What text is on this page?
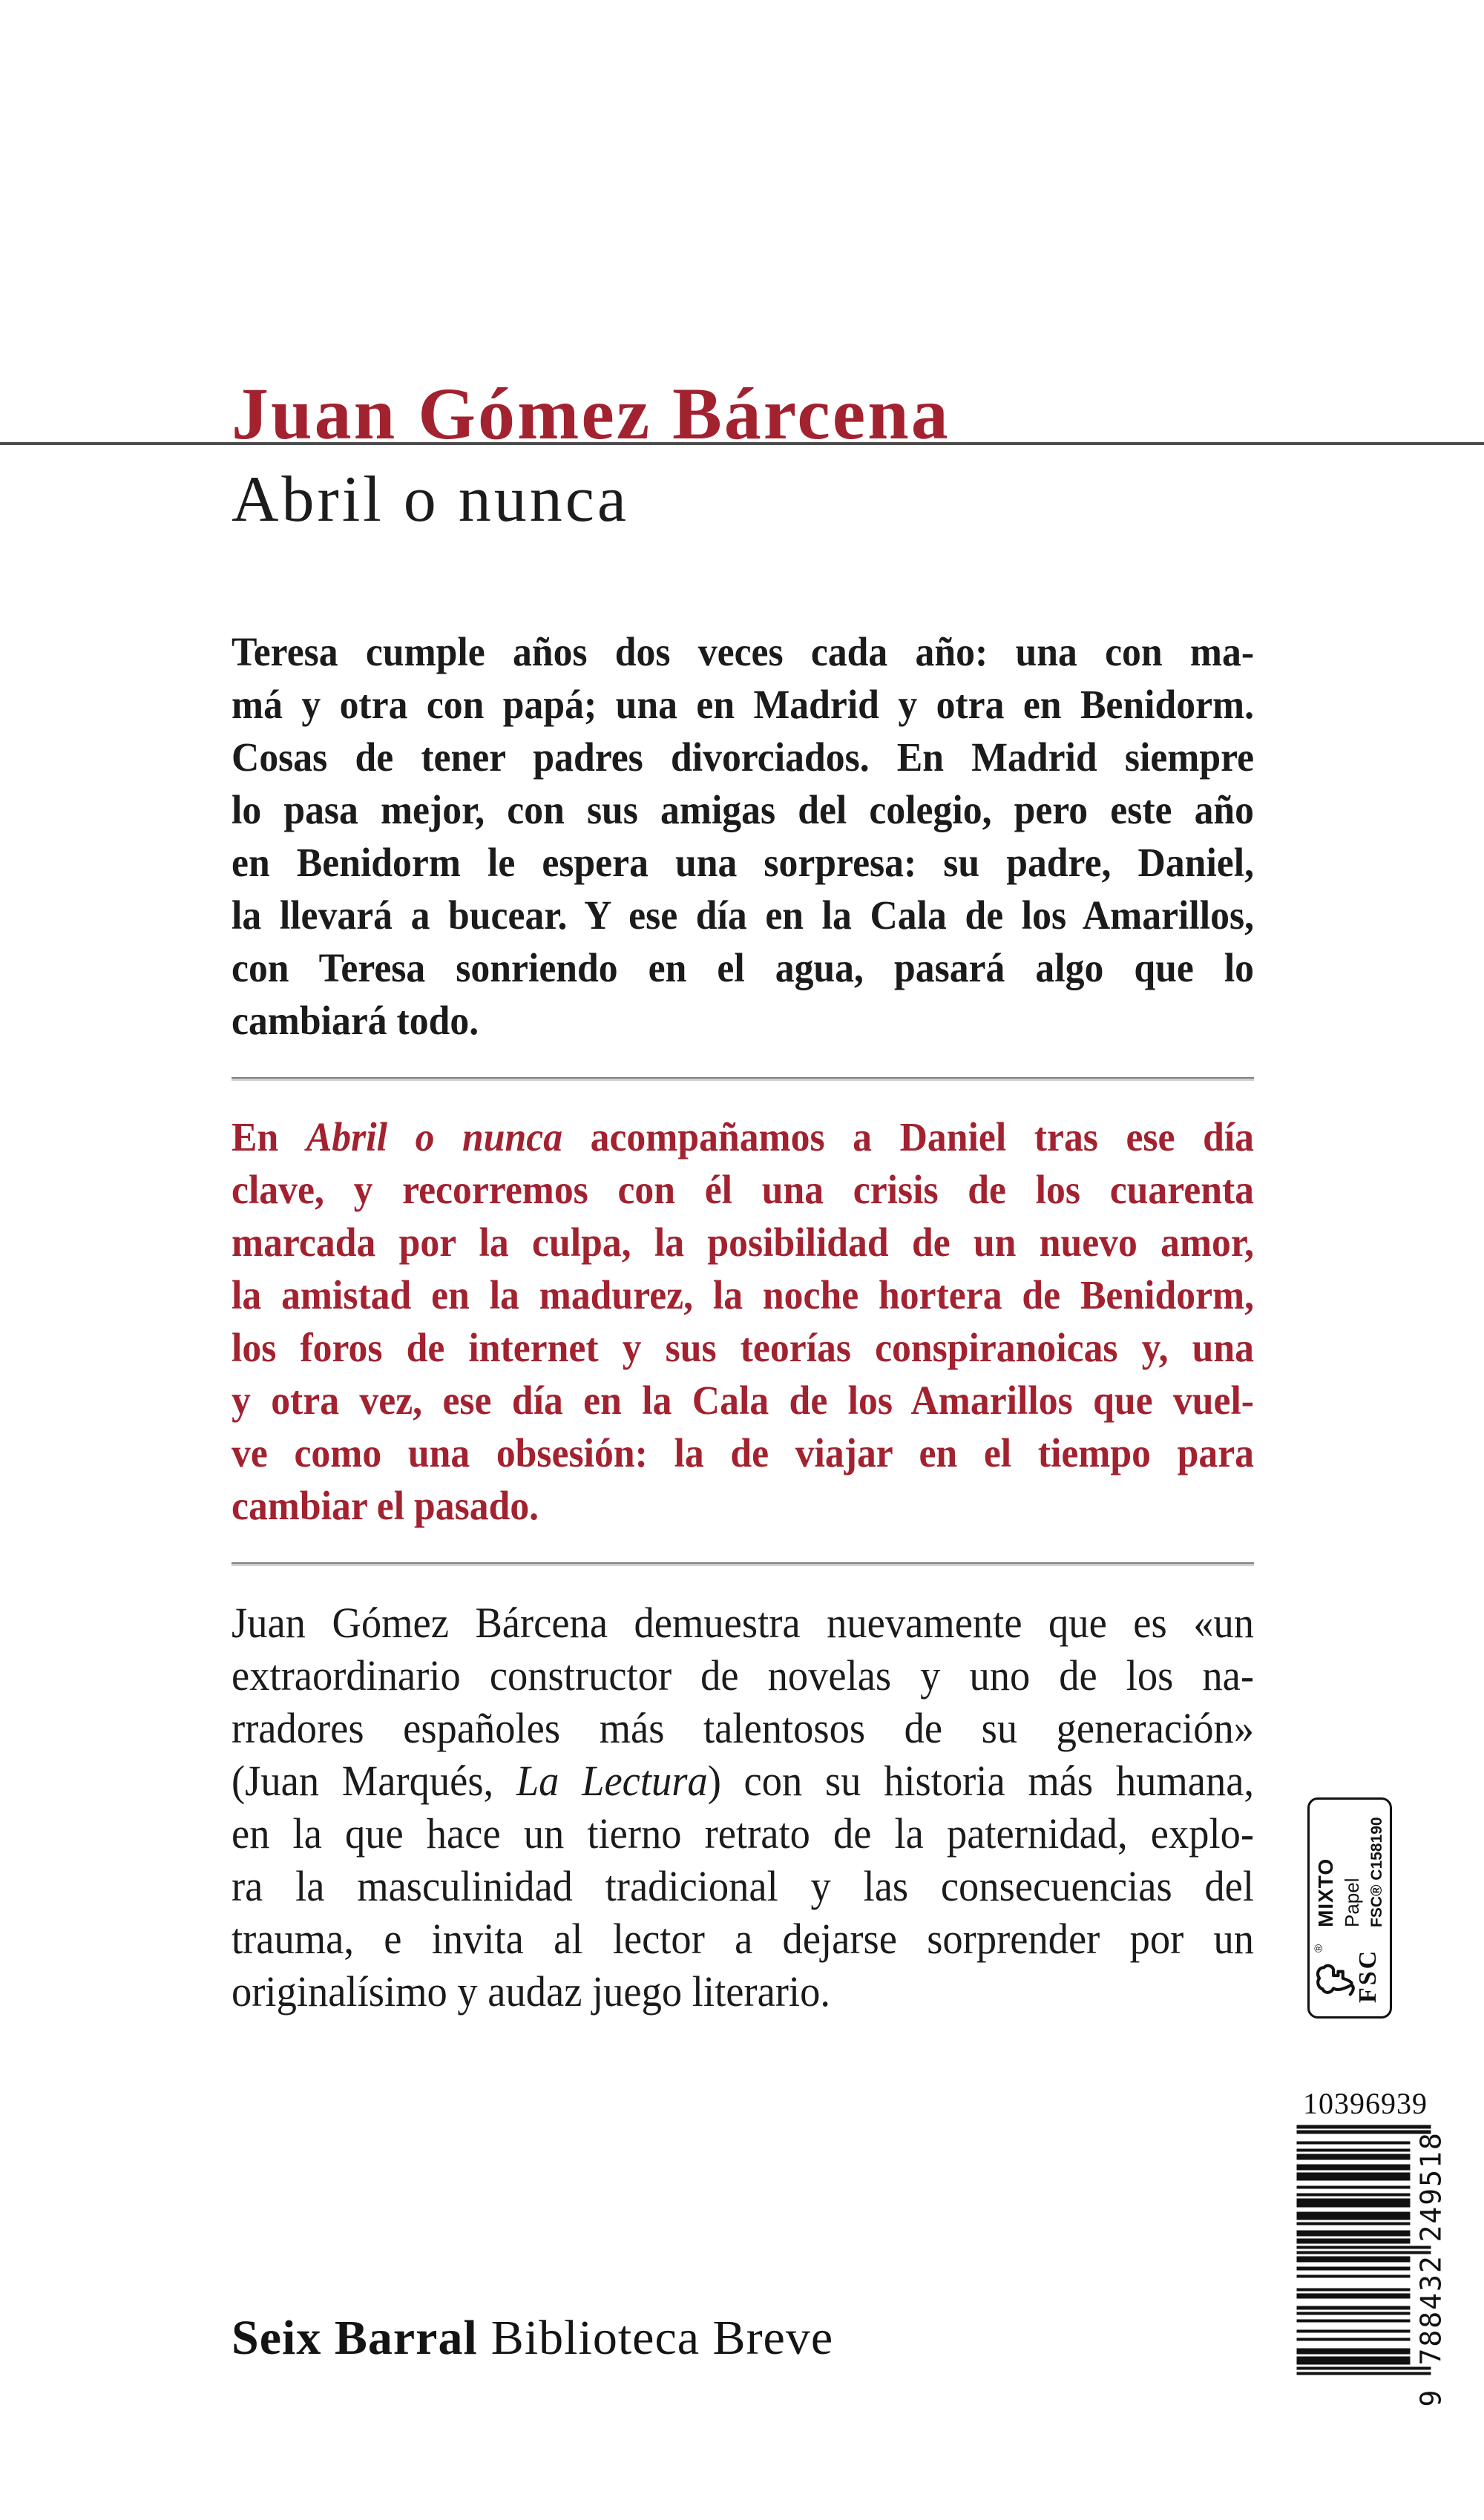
Juan Gómez Bárcena
Abril o nunca
Teresa cumple años dos veces cada año: una con ma-
má y otra con papá; una en Madrid y otra en Benidorm.
Cosas de tener padres divorciados. En Madrid siempre
lo pasa mejor, con sus amigas del colegio, pero este año
en Benidorm le espera una sorpresa: su padre, Daniel,
la llevará a bucear. Y ese día en la Cala de los Amarillos,
con Teresa sonriendo en el agua, pasará algo que lo
cambiará todo.
En Abril o nunca acompañamos a Daniel tras ese día
clave, y recorremos con él una crisis de los cuarenta
marcada por la culpa, la posibilidad de un nuevo amor,
la amistad en la madurez, la noche hortera de Benidorm,
los foros de internet y sus teorías conspiranoicas y, una
y otra vez, ese día en la Cala de los Amarillos que vuel-
ve como una obsesión: la de viajar en el tiempo para
cambiar el pasado.
Juan Gómez Bárcena demuestra nuevamente que es «un
extraordinario constructor de novelas y uno de los na-
rradores españoles más talentosos de su generación»
(Juan Marqués, La Lectura) con su historia más humana,
en la que hace un tierno retrato de la paternidad, explo-
ra la masculinidad tradicional y las consecuencias del
trauma, e invita al lector a dejarse sorprender por un
originalísimo y audaz juego literario.
Seix Barral Biblioteca Breve
10396939
®
FSC
MIXTO Papel FSC® C158190
9
788432
249518
